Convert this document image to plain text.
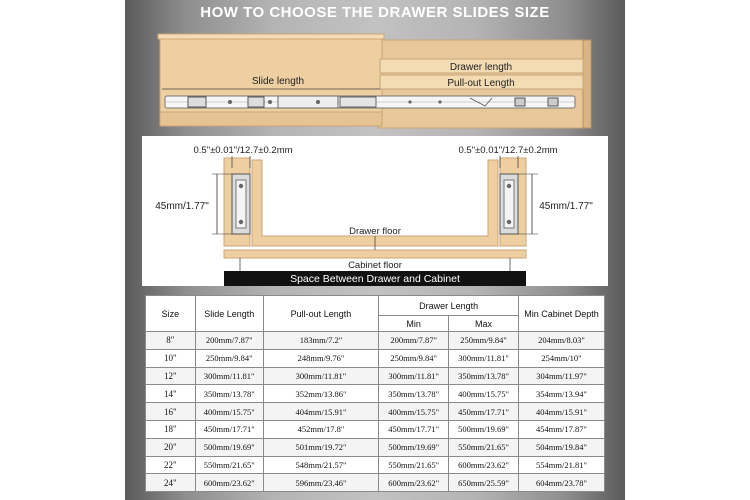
HOW TO CHOOSE THE DRAWER SLIDES SIZE
Drawer length
Pull-out Length
Slide length
0.5"±0.01"/12.7±0.2mm	0.5"±0.01"/12.7±0.2mm
45mm/1.77"	45mm/1.77"
Drawer floor
Cabinet floor
Space Between Drawer and Cabinet
Size	Slide Length	Pull-out Length	Drawer Length		Min Cabinet Depth
			Min	Max	
8"	200mm/7.87"	183mm/7.2"	200mm/7.87"	250mm/9.84"	204mm/8.03"
10"	250mm/9.84"	248mm/9.76"	250mm/9.84"	300mm/11.81"	254mm/10"
12"	300mm/11.81"	300mm/11.81"	300mm/11.81"	350mm/13.78"	304mm/11.97"
14"	350mm/13.78"	352mm/13.86"	350mm/13.78"	400mm/15.75"	354mm/13.94"
16"	400mm/15.75"	404mm/15.91"	400mm/15.75"	450mm/17.71"	404mm/15.91"
18"	450mm/17.71"	452mm/17.8"	450mm/17.71"	500mm/19.69"	454mm/17.87"
20"	500mm/19.69"	501mm/19.72"	500mm/19.69"	550mm/21.65"	504mm/19.84"
22"	550mm/21.65"	548mm/21.57"	550mm/21.65"	600mm/23.62"	554mm/21.81"
24"	600mm/23.62"	596mm/23.46"	600mm/23.62"	650mm/25.59"	604mm/23.78"
